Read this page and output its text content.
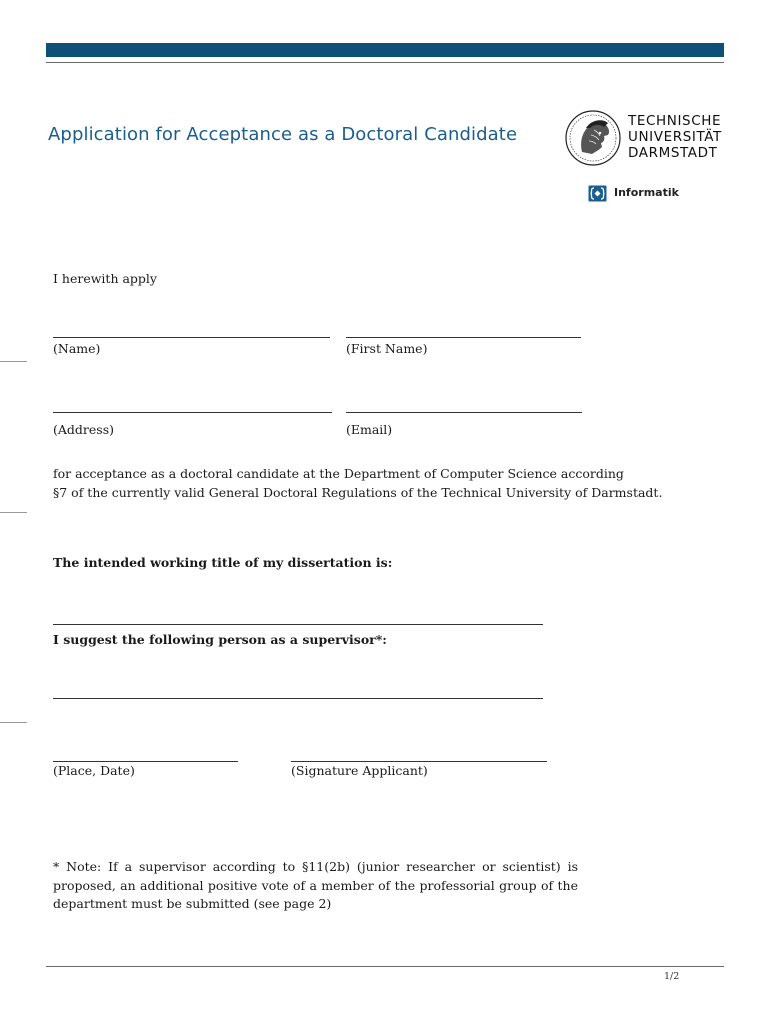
Application for Acceptance as a Doctoral Candidate
TECHNISCHE
UNIVERSITÄT
DARMSTADT
Informatik
I herewith apply
(Name)	(First Name)
(Address)	(Email)
for acceptance as a doctoral candidate at the Department of Computer Science according
§7 of the currently valid General Doctoral Regulations of the Technical University of Darmstadt.
The intended working title of my dissertation is:
I suggest the following person as a supervisor*:
(Place, Date)	(Signature Applicant)
* Note: If a supervisor according to §11(2b) (junior researcher or scientist) is proposed, an additional positive vote of a member of the professorial group of the department must be submitted (see page 2)
1/2
